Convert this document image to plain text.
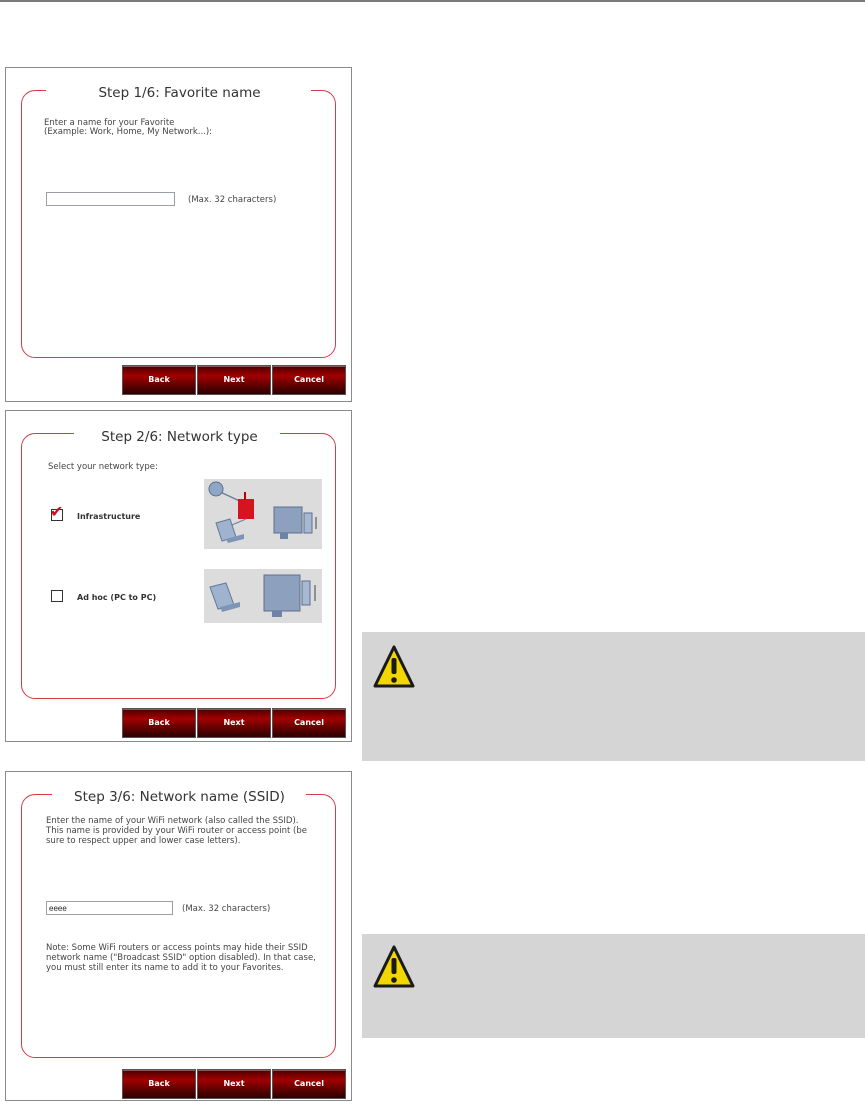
Step 1/6: Favorite name
Enter a name for your Favorite
(Example: Work, Home, My Network...):
(Max. 32 characters)
Back	Next	Cancel
Step 2/6: Network type
Select your network type:
✔ Infrastructure
Ad hoc (PC to PC)
Back	Next	Cancel
Step 3/6: Network name (SSID)
Enter the name of your WiFi network (also called the SSID). This name is provided by your WiFi router or access point (be sure to respect upper and lower case letters).
eeee
(Max. 32 characters)
Note: Some WiFi routers or access points may hide their SSID network name ("Broadcast SSID" option disabled). In that case, you must still enter its name to add it to your Favorites.
Back	Next	Cancel
